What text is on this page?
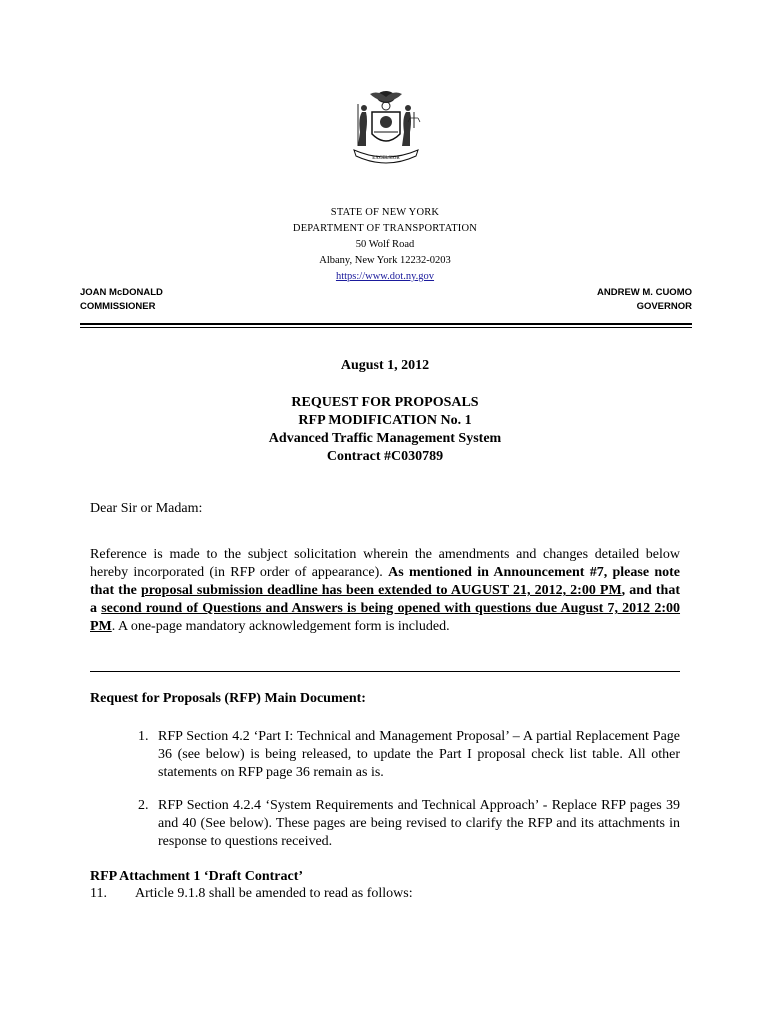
EXCELSIOR
STATE OF NEW YORK
DEPARTMENT OF TRANSPORTATION
50 Wolf Road
Albany, New York 12232-0203
https://www.dot.ny.gov
JOAN McDONALD
COMMISSIONER
ANDREW M. CUOMO
GOVERNOR
August 1, 2012
REQUEST FOR PROPOSALS
RFP MODIFICATION No. 1
Advanced Traffic Management System
Contract #C030789
Dear Sir or Madam:
Reference is made to the subject solicitation wherein the amendments and changes detailed below hereby incorporated (in RFP order of appearance). As mentioned in Announcement #7, please note that the proposal submission deadline has been extended to AUGUST 21, 2012, 2:00 PM, and that a second round of Questions and Answers is being opened with questions due August 7, 2012 2:00 PM. A one-page mandatory acknowledgement form is included.
Request for Proposals (RFP) Main Document:
1. RFP Section 4.2 ‘Part I: Technical and Management Proposal’ – A partial Replacement Page 36 (see below) is being released, to update the Part I proposal check list table. All other statements on RFP page 36 remain as is.
2. RFP Section 4.2.4 ‘System Requirements and Technical Approach’ - Replace RFP pages 39 and 40 (See below). These pages are being revised to clarify the RFP and its attachments in response to questions received.
RFP Attachment 1 ‘Draft Contract’
11. Article 9.1.8 shall be amended to read as follows:
